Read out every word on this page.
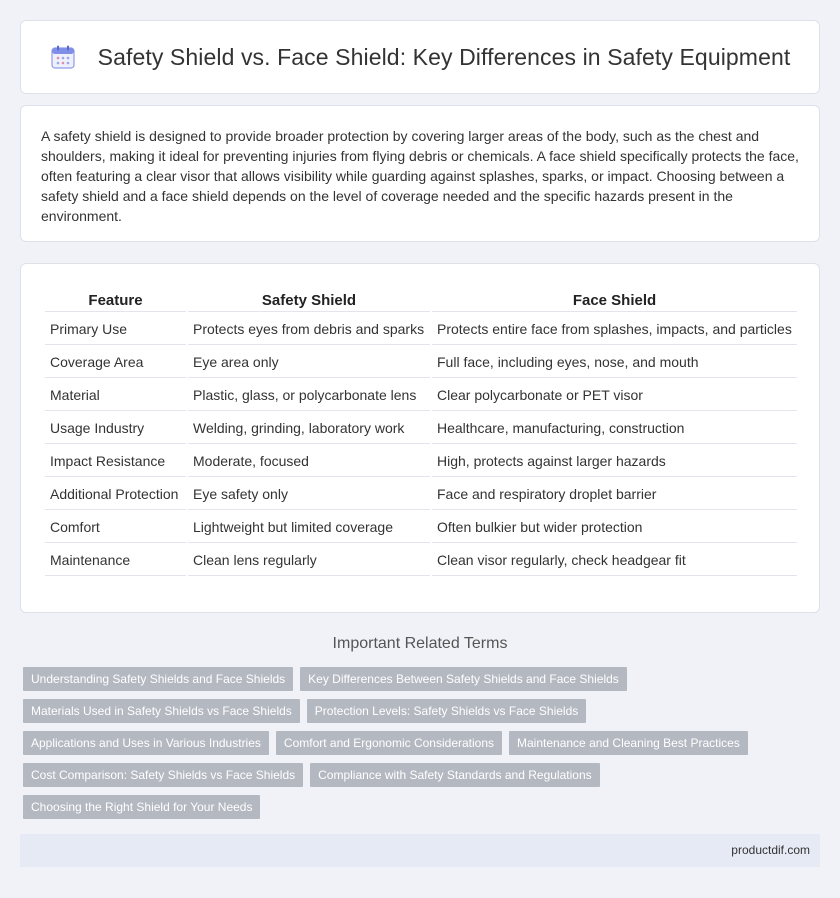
Safety Shield vs. Face Shield: Key Differences in Safety Equipment

A safety shield is designed to provide broader protection by covering larger areas of the body, such as the chest and shoulders, making it ideal for preventing injuries from flying debris or chemicals. A face shield specifically protects the face, often featuring a clear visor that allows visibility while guarding against splashes, sparks, or impact. Choosing between a safety shield and a face shield depends on the level of coverage needed and the specific hazards present in the environment.

Feature	Safety Shield	Face Shield
Primary Use	Protects eyes from debris and sparks	Protects entire face from splashes, impacts, and particles
Coverage Area	Eye area only	Full face, including eyes, nose, and mouth
Material	Plastic, glass, or polycarbonate lens	Clear polycarbonate or PET visor
Usage Industry	Welding, grinding, laboratory work	Healthcare, manufacturing, construction
Impact Resistance	Moderate, focused	High, protects against larger hazards
Additional Protection	Eye safety only	Face and respiratory droplet barrier
Comfort	Lightweight but limited coverage	Often bulkier but wider protection
Maintenance	Clean lens regularly	Clean visor regularly, check headgear fit
Important Related Terms
Understanding Safety Shields and Face Shields	Key Differences Between Safety Shields and Face Shields
Materials Used in Safety Shields vs Face Shields	Protection Levels: Safety Shields vs Face Shields
Applications and Uses in Various Industries	Comfort and Ergonomic Considerations	Maintenance and Cleaning Best Practices
Cost Comparison: Safety Shields vs Face Shields	Compliance with Safety Standards and Regulations
Choosing the Right Shield for Your Needs
productdif.com
